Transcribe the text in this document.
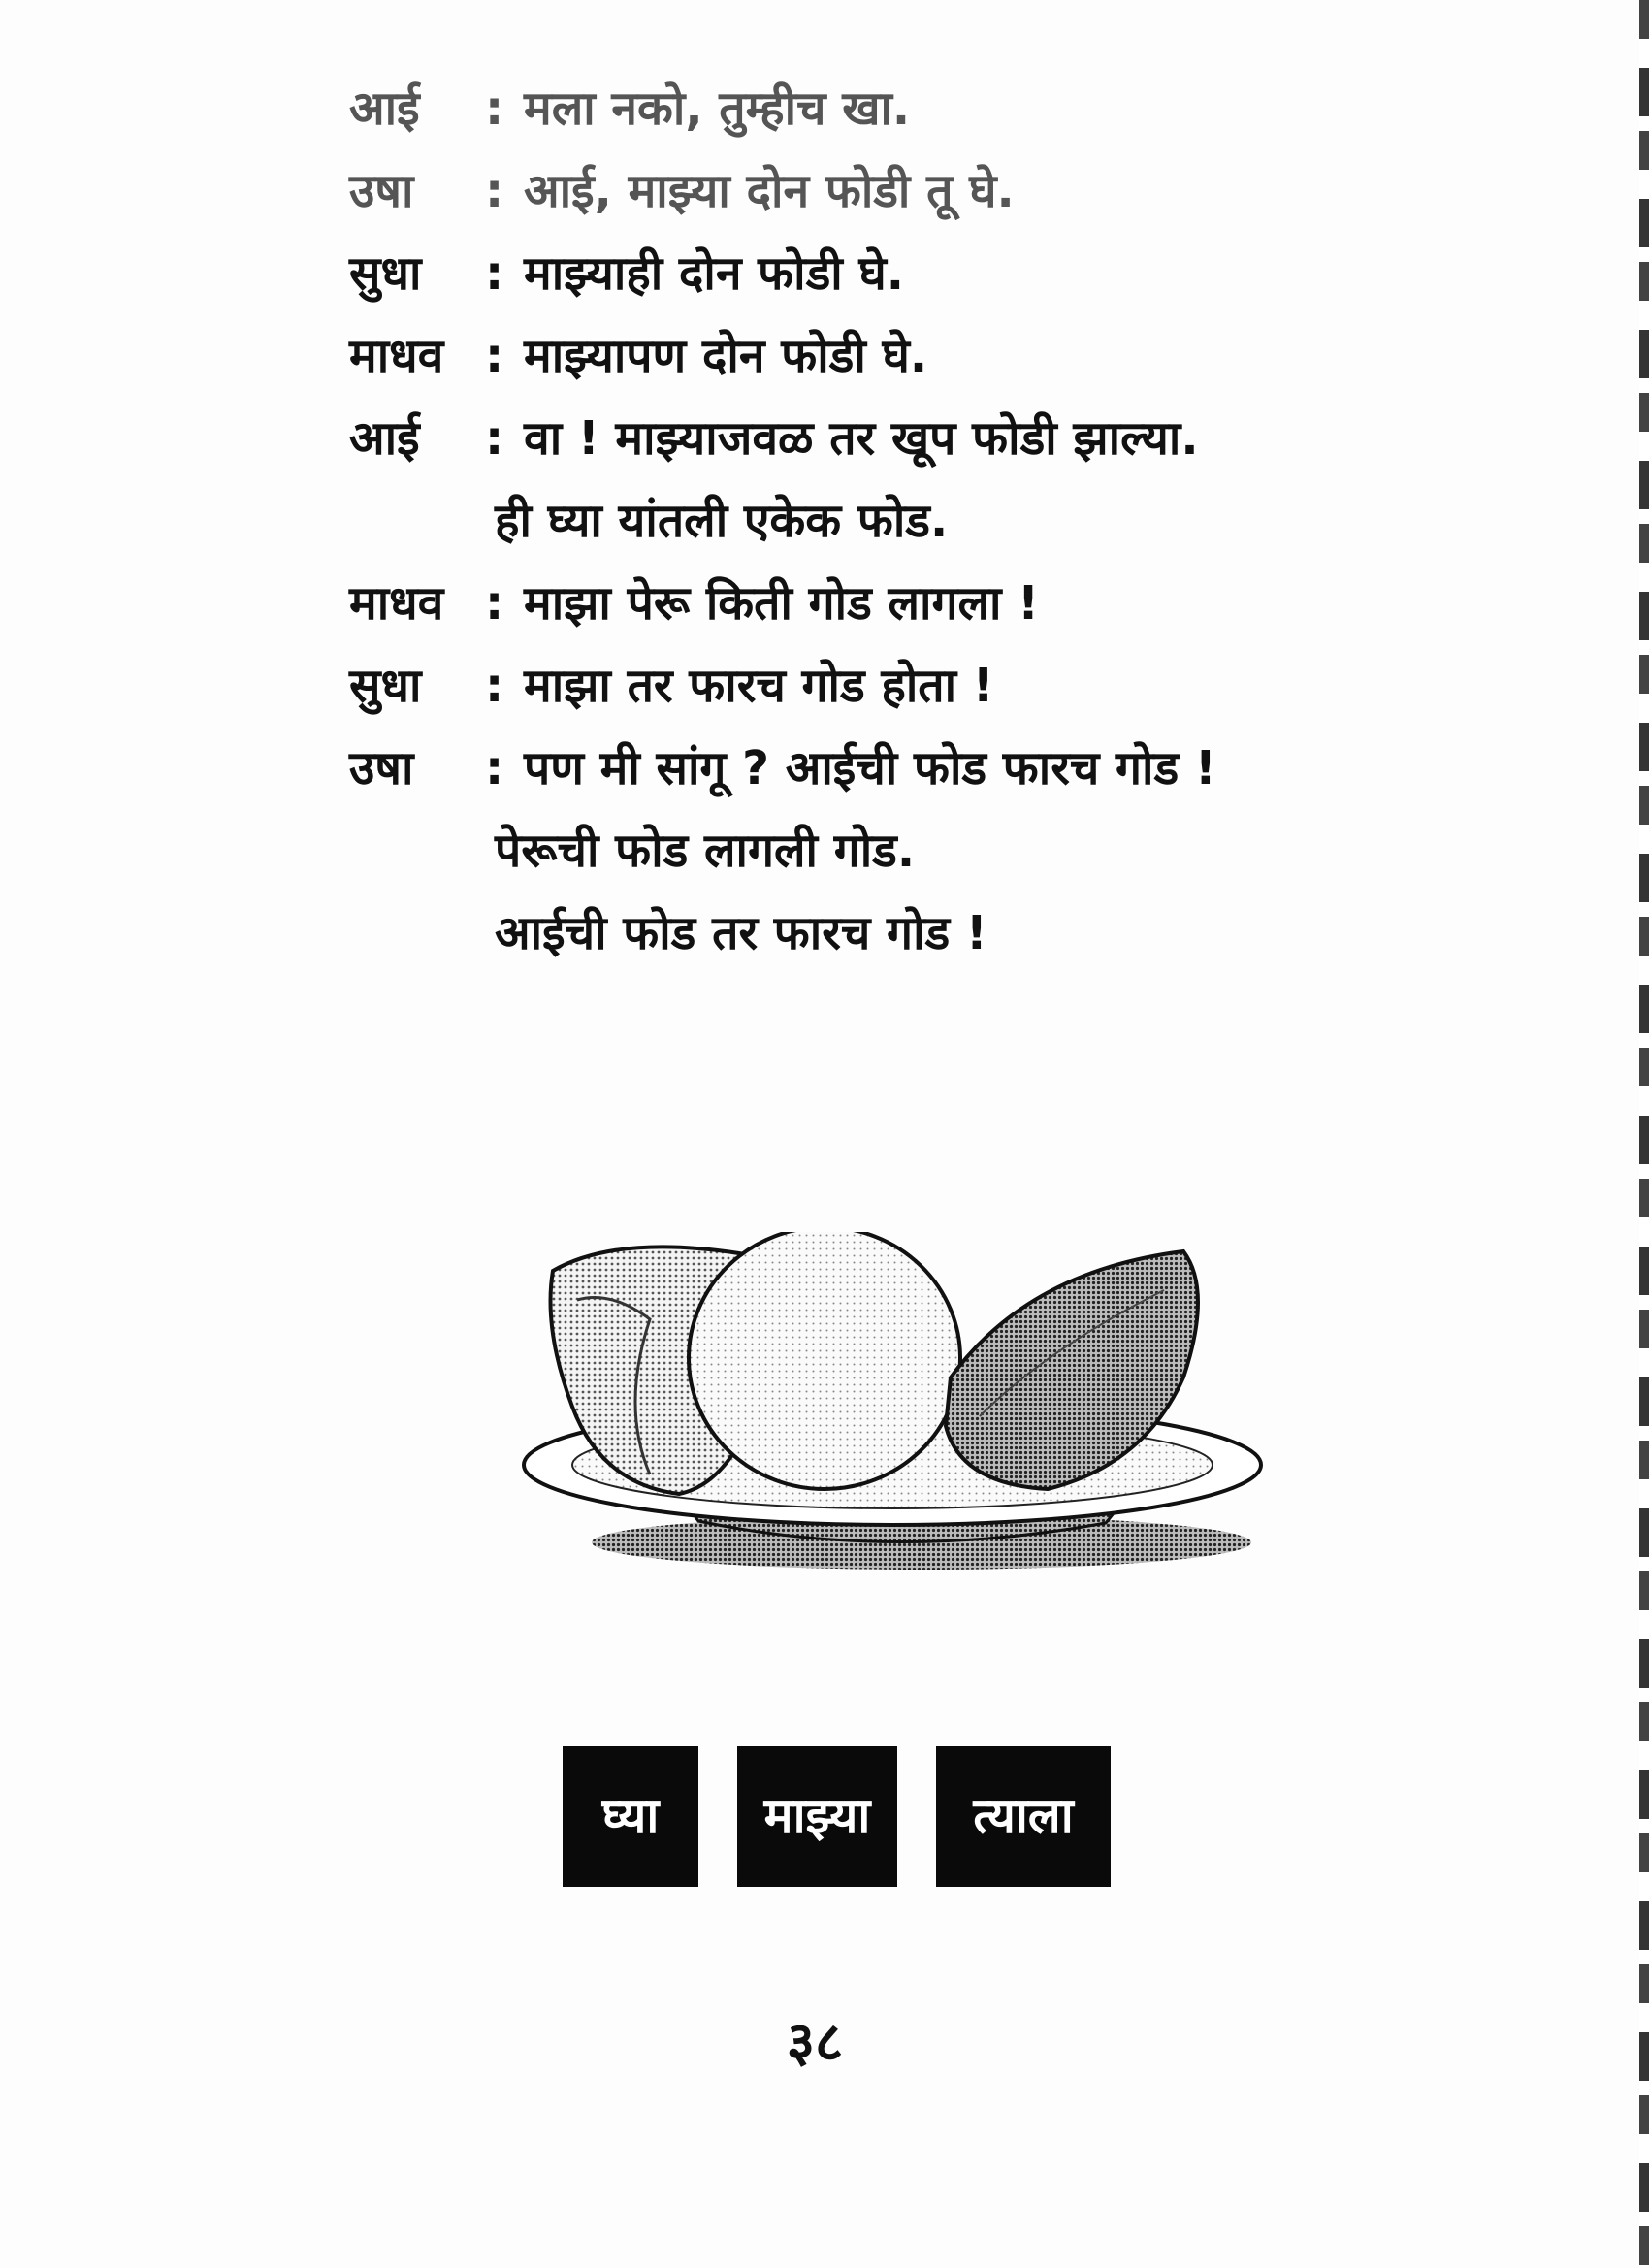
आई : मला नको, तुम्हीच खा.
उषा : आई, माझ्या दोन फोडी तू घे.
सुधा : माझ्याही दोन फोडी घे.
माधव : माझ्यापण दोन फोडी घे.
आई : वा ! माझ्याजवळ तर खूप फोडी झाल्या.
ही घ्या यांतली एकेक फोड.
माधव : माझा पेरू किती गोड लागला !
सुधा : माझा तर फारच गोड होता !
उषा : पण मी सांगू ? आईची फोड फारच गोड !
पेरूची फोड लागली गोड.
आईची फोड तर फारच गोड !
घ्या	माझ्या	त्याला
३८
